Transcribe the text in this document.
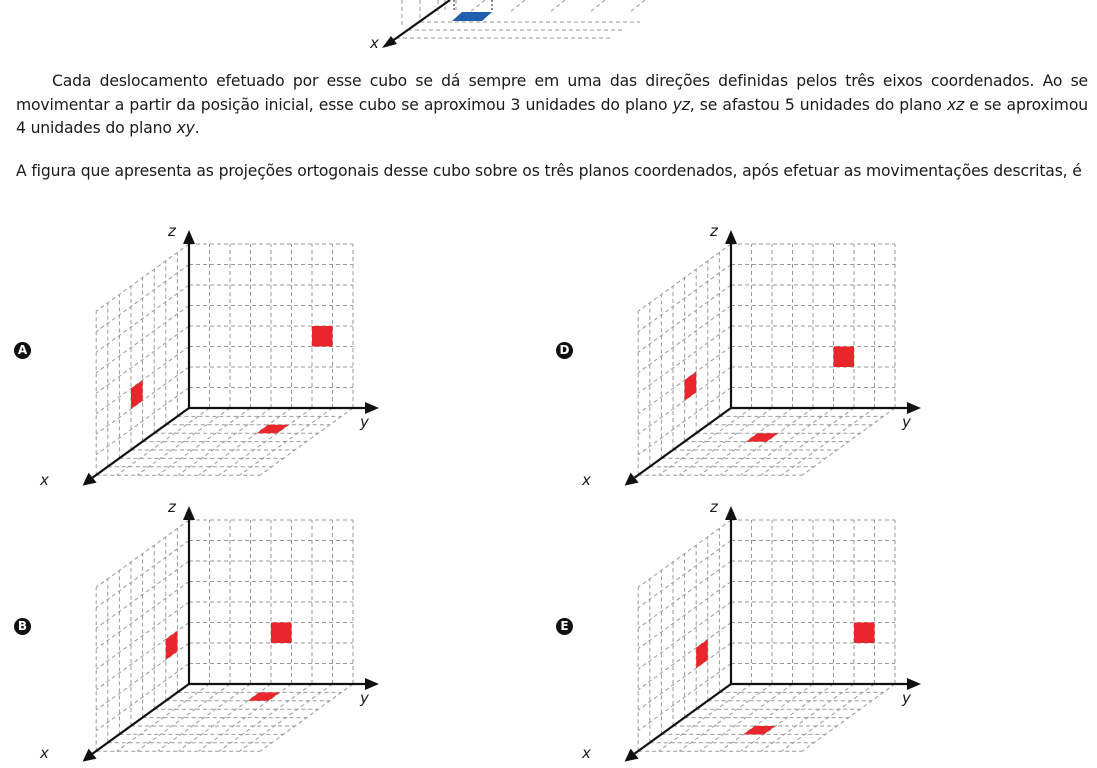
x

Cada deslocamento efetuado por esse cubo se dá sempre em uma das direções definidas pelos três eixos coordenados. Ao se movimentar a partir da posição inicial, esse cubo se aproximou 3 unidades do plano yz, se afastou 5 unidades do plano xz e se aproximou 4 unidades do plano xy.

A figura que apresenta as projeções ortogonais desse cubo sobre os três planos coordenados, após efetuar as movimentações descritas, é

A
z
y
x
B
z
y
x
D
z
y
x
E
z
y
x
